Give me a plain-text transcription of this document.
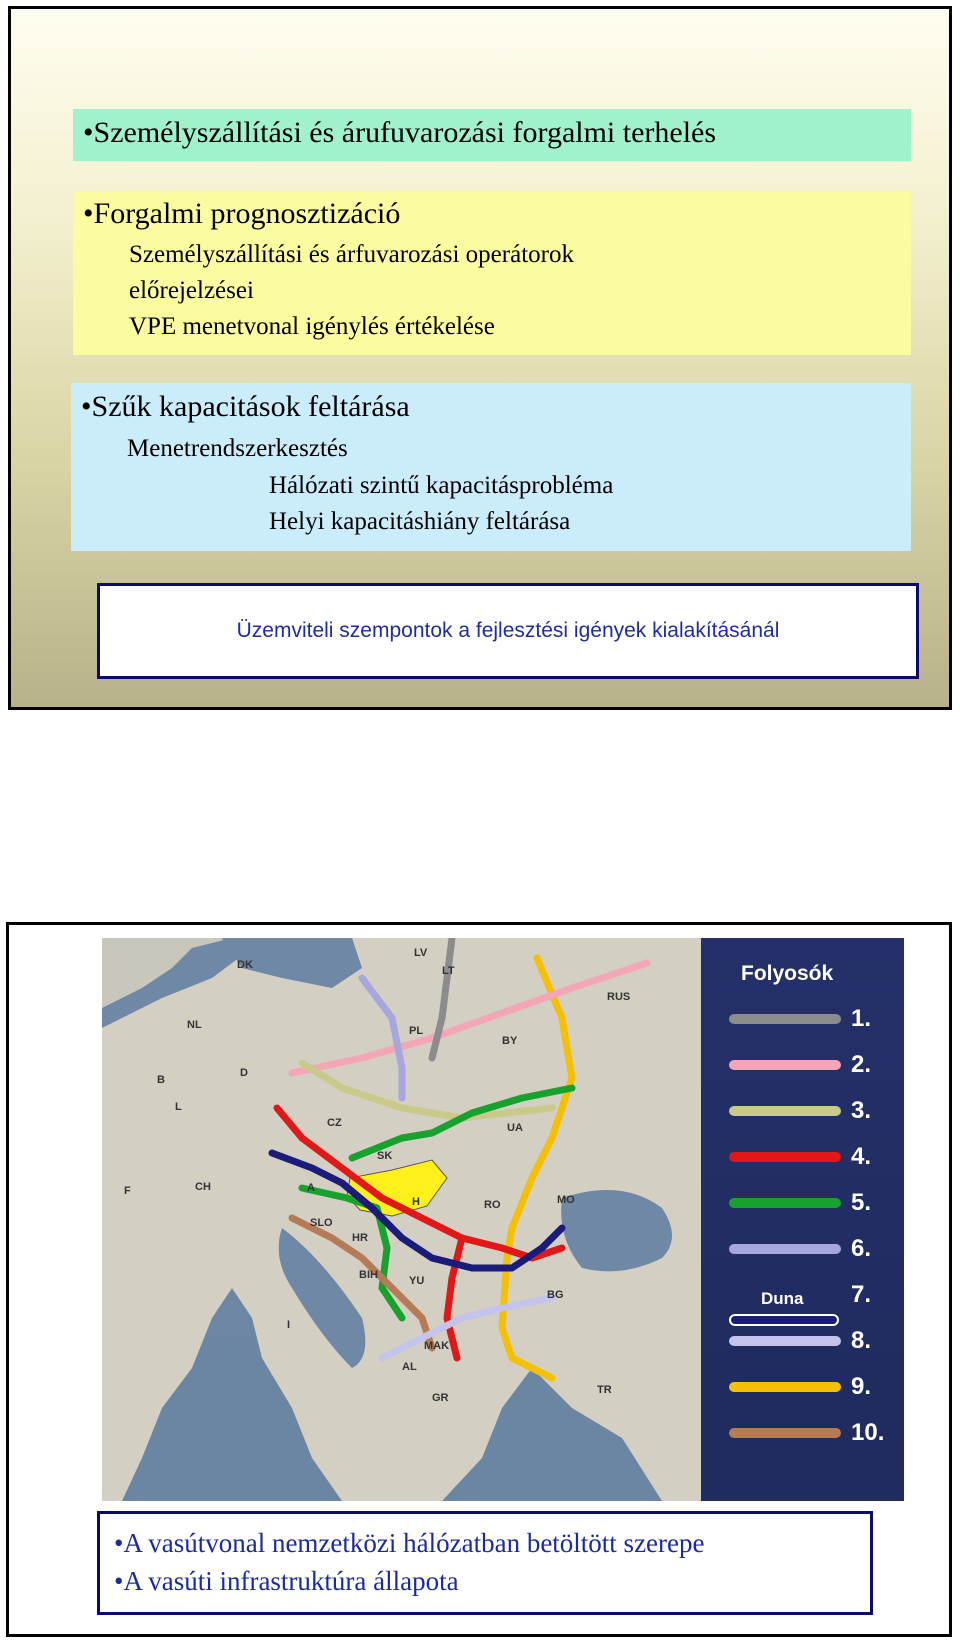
•Személyszállítási és árufuvarozási forgalmi terhelés
•Forgalmi prognosztizáció
Személyszállítási és árfuvarozási operátorok
előrejelzései
VPE menetvonal igénylés értékelése
•Szűk kapacitások feltárása
Menetrendszerkesztés
Hálózati szintű kapacitásprobléma
Helyi kapacitáshiány feltárása
Üzemviteli szempontok a fejlesztési igények kialakításánál
DK
LV
LT
RUS
NL
D
PL
BY
B
L
CZ	UA
SK
F	CH	A
H	RO	MO
SLO
HR
BIH	YU
BG
MAK
AL
I
GR
TR
Folyosók
1.
2.
3.
4.
5.
6.
Duna 7.
8.
9.
10.
•A vasútvonal nemzetközi hálózatban betöltött szerepe
•A vasúti infrastruktúra állapota
